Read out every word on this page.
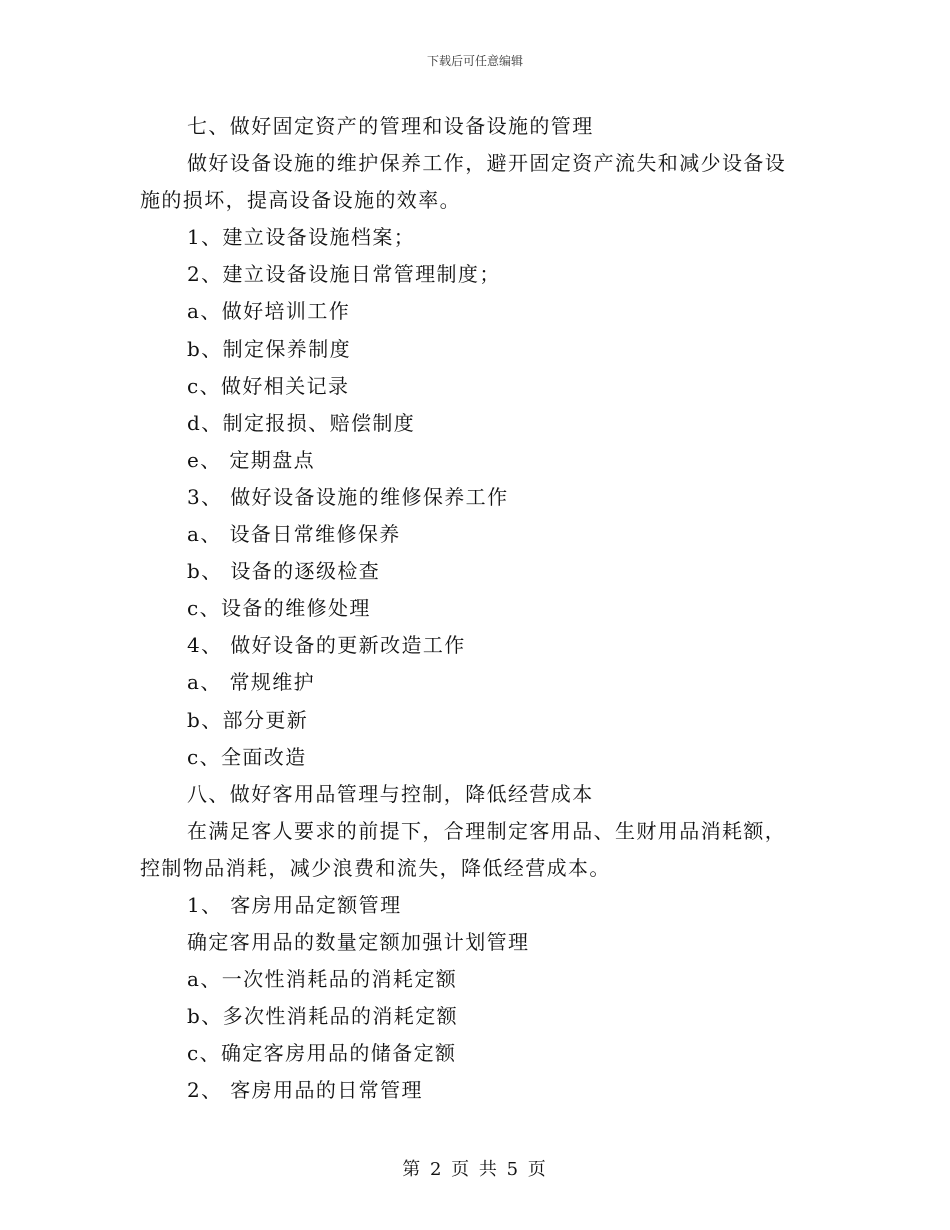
下载后可任意编辑
七、做好固定资产的管理和设备设施的管理
做好设备设施的维护保养工作，避开固定资产流失和减少设备设
施的损坏，提高设备设施的效率。
1、建立设备设施档案；
2、建立设备设施日常管理制度；
a、做好培训工作
b、制定保养制度
c、做好相关记录
d、制定报损、赔偿制度
e、 定期盘点
3、 做好设备设施的维修保养工作
a、 设备日常维修保养
b、 设备的逐级检查
c、设备的维修处理
4、 做好设备的更新改造工作
a、 常规维护
b、部分更新
c、全面改造
八、做好客用品管理与控制，降低经营成本
在满足客人要求的前提下，合理制定客用品、生财用品消耗额，
控制物品消耗，减少浪费和流失，降低经营成本。
1、 客房用品定额管理
确定客用品的数量定额加强计划管理
a、一次性消耗品的消耗定额
b、多次性消耗品的消耗定额
c、确定客房用品的储备定额
2、 客房用品的日常管理
第 2 页 共 5 页
